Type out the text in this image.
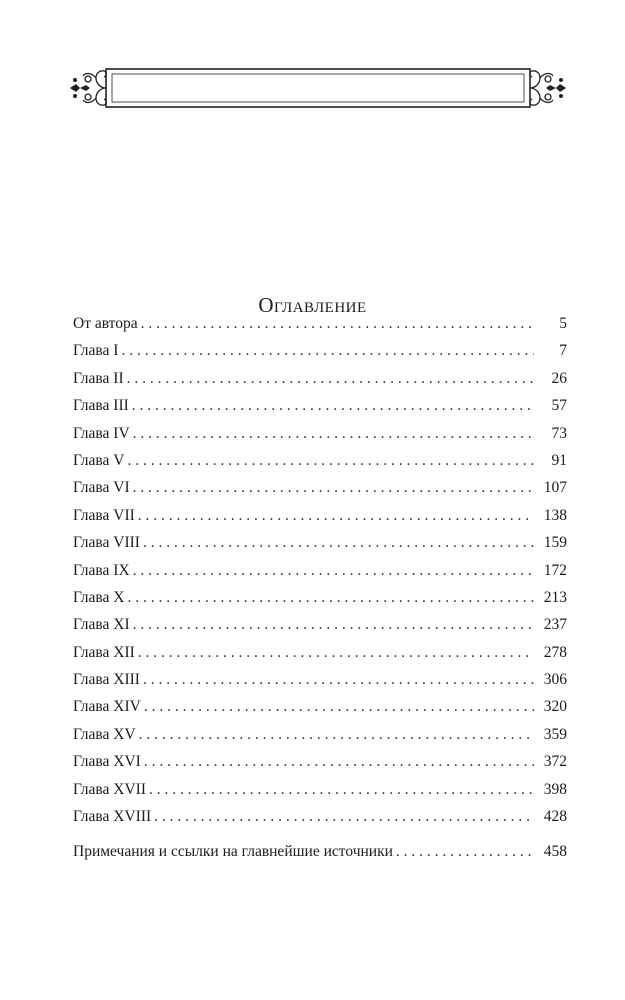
Оглавление
От автора . . .	5
Глава I . . .	7
Глава II . . .	26
Глава III . . .	57
Глава IV . . .	73
Глава V . . .	91
Глава VI . . .	107
Глава VII . . .	138
Глава VIII . . .	159
Глава IX . . .	172
Глава X . . .	213
Глава XI . . .	237
Глава XII . . .	278
Глава XIII . . .	306
Глава XIV . . .	320
Глава XV . . .	359
Глава XVI . . .	372
Глава XVII . . .	398
Глава XVIII . . .	428
Примечания и ссылки на главнейшие источники . . .	458
